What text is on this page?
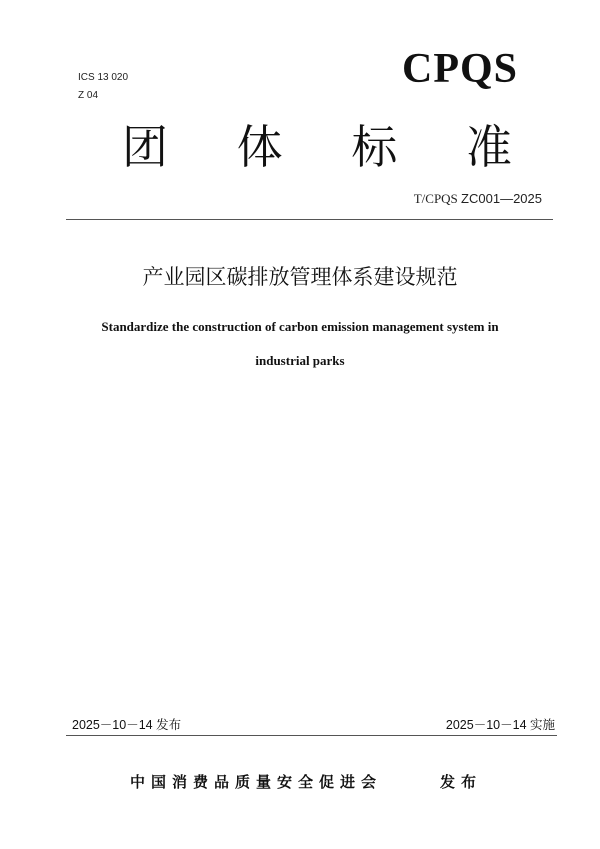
ICS 13 020
Z 04
CPQS
团 体 标 准
T/CPQS ZC001—2025
产业园区碳排放管理体系建设规范
Standardize the construction of carbon emission management system in
industrial parks
2025－10－14 发布	2025－10－14 实施
中国消费品质量安全促进会	发布
